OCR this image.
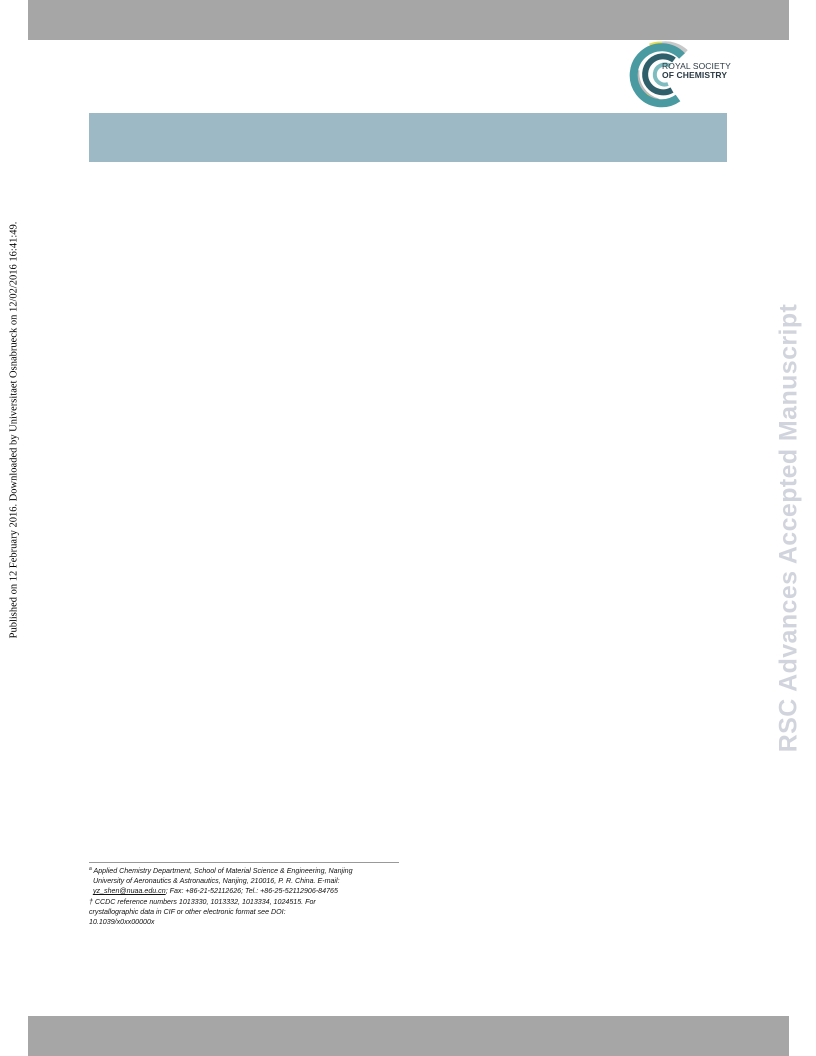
ROYAL SOCIETY
OF CHEMISTRY
Published on 12 February 2016. Downloaded by Universitaet Osnabrueck on 12/02/2016 16:41:49.	RSC Advances Accepted Manuscript
$^a$ Applied Chemistry Department, School of Material Science & Engineering, Nanjing
University of Aeronautics & Astronautics, Nanjing, 210016, P. R. China. E-mail:
yz_shen@nuaa.edu.cn; Fax: +86-21-52112626; Tel.: +86-25-52112906-84765
† CCDC reference numbers 1013330, 1013332, 1013334, 1024515. For
crystallographic data in CIF or other electronic format see DOI:
10.1039/x0xx00000x
